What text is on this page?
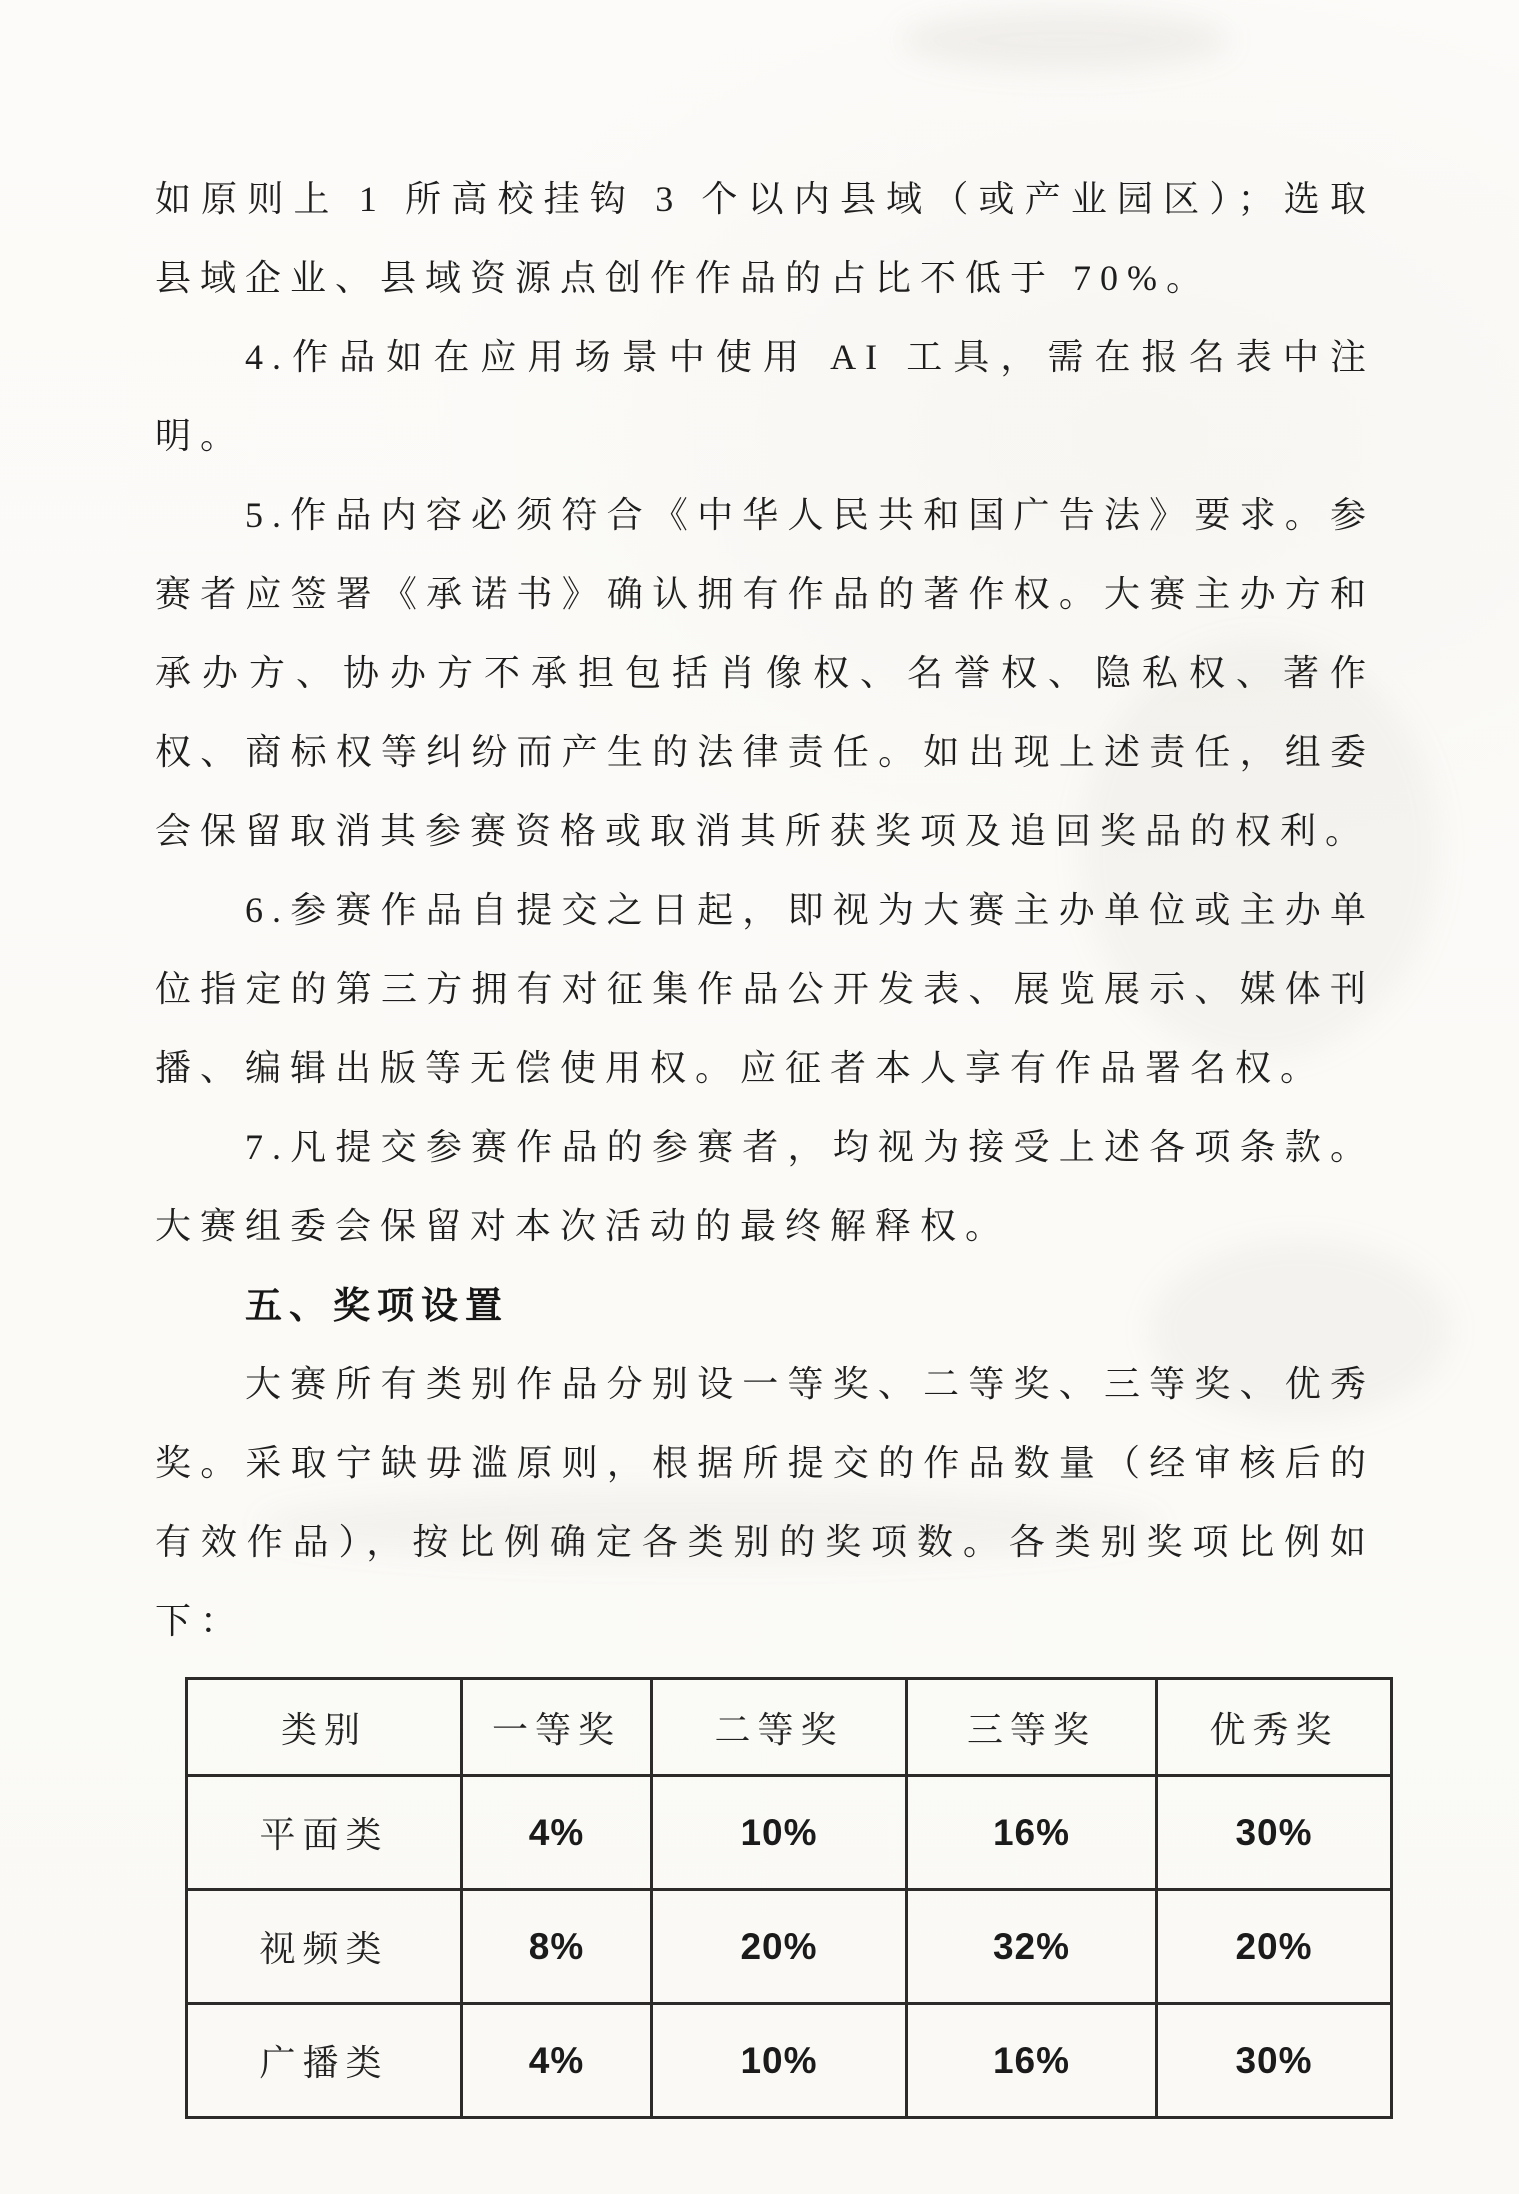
如原则上 1 所高校挂钩 3 个以内县域（或产业园区）；选取县域企业、县域资源点创作作品的占比不低于 70%。

4.作品如在应用场景中使用 AI 工具，需在报名表中注明。

5.作品内容必须符合《中华人民共和国广告法》要求。参赛者应签署《承诺书》确认拥有作品的著作权。大赛主办方和承办方、协办方不承担包括肖像权、名誉权、隐私权、著作权、商标权等纠纷而产生的法律责任。如出现上述责任，组委会保留取消其参赛资格或取消其所获奖项及追回奖品的权利。

6.参赛作品自提交之日起，即视为大赛主办单位或主办单位指定的第三方拥有对征集作品公开发表、展览展示、媒体刊播、编辑出版等无偿使用权。应征者本人享有作品署名权。

7.凡提交参赛作品的参赛者，均视为接受上述各项条款。大赛组委会保留对本次活动的最终解释权。

五、奖项设置

大赛所有类别作品分别设一等奖、二等奖、三等奖、优秀奖。采取宁缺毋滥原则，根据所提交的作品数量（经审核后的有效作品），按比例确定各类别的奖项数。各类别奖项比例如下：

类别	一等奖	二等奖	三等奖	优秀奖
平面类	4%	10%	16%	30%
视频类	8%	20%	32%	20%
广播类	4%	10%	16%	30%
